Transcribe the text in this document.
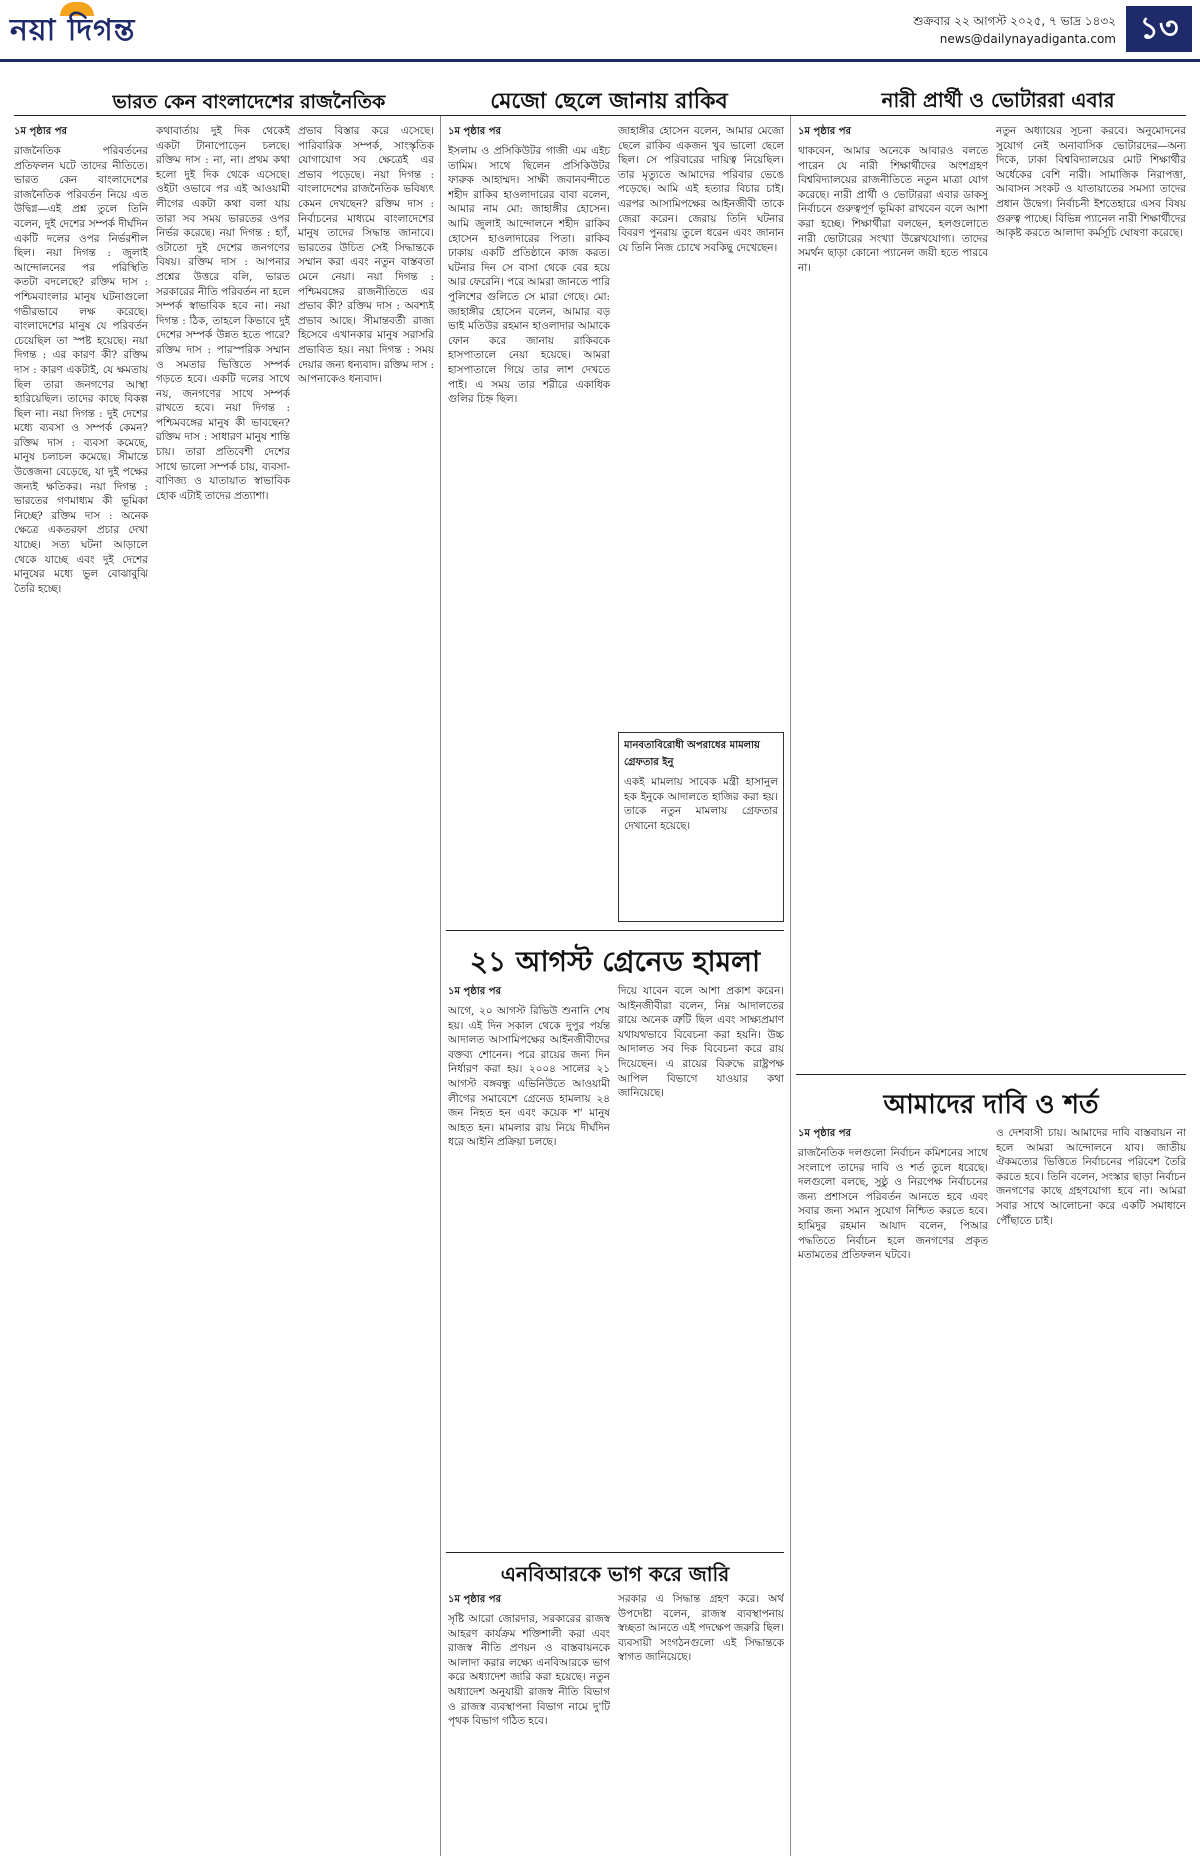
নয়া দিগন্ত	শুক্রবার ২২ আগস্ট ২০২৫, ৭ ভাদ্র ১৪৩২
news@dailynayadiganta.com ১৩
ভারত কেন বাংলাদেশের রাজনৈতিক	মেজো ছেলে জানায় রাকিব	নারী প্রার্থী ও ভোটাররা এবার
১ম পৃষ্ঠার পর

রাজনৈতিক পরিবর্তনের প্রতিফলন ঘটে তাদের নীতিতে। ভারত কেন বাংলাদেশের রাজনৈতিক পরিবর্তন নিয়ে এত উদ্বিগ্ন—এই প্রশ্ন তুলে তিনি বলেন, দুই দেশের সম্পর্ক দীর্ঘদিন একটি দলের ওপর নির্ভরশীল ছিল। নয়া দিগন্ত : জুলাই আন্দোলনের পর পরিস্থিতি কতটা বদলেছে? রক্তিম দাস : পশ্চিমবাংলার মানুষ ঘটনাগুলো গভীরভাবে লক্ষ করেছে। বাংলাদেশের মানুষ যে পরিবর্তন চেয়েছিল তা স্পষ্ট হয়েছে। নয়া দিগন্ত : এর কারণ কী? রক্তিম দাস : কারণ একটাই, যে ক্ষমতায় ছিল তারা জনগণের আস্থা হারিয়েছিল। তাদের কাছে বিকল্প ছিল না। নয়া দিগন্ত : দুই দেশের মধ্যে ব্যবসা ও সম্পর্ক কেমন? রক্তিম দাস : ব্যবসা কমেছে, মানুষ চলাচল কমেছে। সীমান্তে উত্তেজনা বেড়েছে, যা দুই পক্ষের জন্যই ক্ষতিকর। নয়া দিগন্ত : ভারতের গণমাধ্যম কী ভূমিকা নিচ্ছে? রক্তিম দাস : অনেক ক্ষেত্রে একতরফা প্রচার দেখা যাচ্ছে। সত্য ঘটনা আড়ালে থেকে যাচ্ছে এবং দুই দেশের মানুষের মধ্যে ভুল বোঝাবুঝি তৈরি হচ্ছে।

কথাবার্তায় দুই দিক থেকেই একটা টানাপোড়েন চলছে। রক্তিম দাস : না, না। প্রথম কথা হলো দুই দিক থেকে এসেছে। ওইটা ওভাবে পর এই আওয়ামী লীগের একটা কথা বলা যায় তারা সব সময় ভারতের ওপর নির্ভর করেছে। নয়া দিগন্ত : হ্যাঁ, ওটাতো দুই দেশের জনগণের বিষয়। রক্তিম দাস : আপনার প্রশ্নের উত্তরে বলি, ভারত সরকারের নীতি পরিবর্তন না হলে সম্পর্ক স্বাভাবিক হবে না। নয়া দিগন্ত : ঠিক, তাহলে কিভাবে দুই দেশের সম্পর্ক উন্নত হতে পারে? রক্তিম দাস : পারস্পরিক সম্মান ও সমতার ভিত্তিতে সম্পর্ক গড়তে হবে। একটি দলের সাথে নয়, জনগণের সাথে সম্পর্ক রাখতে হবে। নয়া দিগন্ত : পশ্চিমবঙ্গের মানুষ কী ভাবছেন? রক্তিম দাস : সাধারণ মানুষ শান্তি চায়। তারা প্রতিবেশী দেশের সাথে ভালো সম্পর্ক চায়, ব্যবসা-বাণিজ্য ও যাতায়াত স্বাভাবিক হোক এটাই তাদের প্রত্যাশা।

প্রভাব বিস্তার করে এসেছে। পারিবারিক সম্পর্ক, সাংস্কৃতিক যোগাযোগ সব ক্ষেত্রেই এর প্রভাব পড়েছে। নয়া দিগন্ত : বাংলাদেশের রাজনৈতিক ভবিষ্যৎ কেমন দেখছেন? রক্তিম দাস : নির্বাচনের মাধ্যমে বাংলাদেশের মানুষ তাদের সিদ্ধান্ত জানাবে। ভারতের উচিত সেই সিদ্ধান্তকে সম্মান করা এবং নতুন বাস্তবতা মেনে নেয়া। নয়া দিগন্ত : পশ্চিমবঙ্গের রাজনীতিতে এর প্রভাব কী? রক্তিম দাস : অবশ্যই প্রভাব আছে। সীমান্তবর্তী রাজ্য হিসেবে এখানকার মানুষ সরাসরি প্রভাবিত হয়। নয়া দিগন্ত : সময় দেয়ার জন্য ধন্যবাদ। রক্তিম দাস : আপনাকেও ধন্যবাদ।

১ম পৃষ্ঠার পর

ইসলাম ও প্রসিকিউটর গাজী এম এইচ তামিম। সাথে ছিলেন প্রসিকিউটর ফারুক আহাম্মদ। সাক্ষী জবানবন্দীতে শহীদ রাকিব হাওলাদারের বাবা বলেন, আমার নাম মো: জাহাঙ্গীর হোসেন। আমি জুলাই আন্দোলনে শহীদ রাকিব হোসেন হাওলাদারের পিতা। রাকিব ঢাকায় একটি প্রতিষ্ঠানে কাজ করত। ঘটনার দিন সে বাসা থেকে বের হয়ে আর ফেরেনি। পরে আমরা জানতে পারি পুলিশের গুলিতে সে মারা গেছে। মো: জাহাঙ্গীর হোসেন বলেন, আমার বড় ভাই মতিউর রহমান হাওলাদার আমাকে ফোন করে জানায় রাকিবকে হাসপাতালে নেয়া হয়েছে। আমরা হাসপাতালে গিয়ে তার লাশ দেখতে পাই। এ সময় তার শরীরে একাধিক গুলির চিহ্ন ছিল।

জাহাঙ্গীর হোসেন বলেন, আমার মেজো ছেলে রাকিব একজন খুব ভালো ছেলে ছিল। সে পরিবারের দায়িত্ব নিয়েছিল। তার মৃত্যুতে আমাদের পরিবার ভেঙে পড়েছে। আমি এই হত্যার বিচার চাই। এরপর আসামিপক্ষের আইনজীবী তাকে জেরা করেন। জেরায় তিনি ঘটনার বিবরণ পুনরায় তুলে ধরেন এবং জানান যে তিনি নিজ চোখে সবকিছু দেখেছেন।

মানবতাবিরোধী অপরাধের মামলায় গ্রেফতার ইনু

একই মামলায় সাবেক মন্ত্রী হাসানুল হক ইনুকে আদালতে হাজির করা হয়। তাকে নতুন মামলায় গ্রেফতার দেখানো হয়েছে।

২১ আগস্ট গ্রেনেড হামলা
১ম পৃষ্ঠার পর

আগে, ২০ আগস্ট রিভিউ শুনানি শেষ হয়। এই দিন সকাল থেকে দুপুর পর্যন্ত আদালত আসামিপক্ষের আইনজীবীদের বক্তব্য শোনেন। পরে রায়ের জন্য দিন নির্ধারণ করা হয়। ২০০৪ সালের ২১ আগস্ট বঙ্গবন্ধু এভিনিউতে আওয়ামী লীগের সমাবেশে গ্রেনেড হামলায় ২৪ জন নিহত হন এবং কয়েক শ' মানুষ আহত হন। মামলার রায় নিয়ে দীর্ঘদিন ধরে আইনি প্রক্রিয়া চলছে।

দিয়ে যাবেন বলে আশা প্রকাশ করেন। আইনজীবীরা বলেন, নিম্ন আদালতের রায়ে অনেক ত্রুটি ছিল এবং সাক্ষ্যপ্রমাণ যথাযথভাবে বিবেচনা করা হয়নি। উচ্চ আদালত সব দিক বিবেচনা করে রায় দিয়েছেন। এ রায়ের বিরুদ্ধে রাষ্ট্রপক্ষ আপিল বিভাগে যাওয়ার কথা জানিয়েছে।

এনবিআরকে ভাগ করে জারি
১ম পৃষ্ঠার পর

সৃষ্টি আরো জোরদার, সরকারের রাজস্ব আহরণ কার্যক্রম শক্তিশালী করা এবং রাজস্ব নীতি প্রণয়ন ও বাস্তবায়নকে আলাদা করার লক্ষ্যে এনবিআরকে ভাগ করে অধ্যাদেশ জারি করা হয়েছে। নতুন অধ্যাদেশ অনুযায়ী রাজস্ব নীতি বিভাগ ও রাজস্ব ব্যবস্থাপনা বিভাগ নামে দু'টি পৃথক বিভাগ গঠিত হবে।

সরকার এ সিদ্ধান্ত গ্রহণ করে। অর্থ উপদেষ্টা বলেন, রাজস্ব ব্যবস্থাপনায় স্বচ্ছতা আনতে এই পদক্ষেপ জরুরি ছিল। ব্যবসায়ী সংগঠনগুলো এই সিদ্ধান্তকে স্বাগত জানিয়েছে।

১ম পৃষ্ঠার পর

থাকবেন, আমার অনেকে আবারও বলতে পারেন যে নারী শিক্ষার্থীদের অংশগ্রহণ বিশ্ববিদ্যালয়ের রাজনীতিতে নতুন মাত্রা যোগ করেছে। নারী প্রার্থী ও ভোটাররা এবার ডাকসু নির্বাচনে গুরুত্বপূর্ণ ভূমিকা রাখবেন বলে আশা করা হচ্ছে। শিক্ষার্থীরা বলছেন, হলগুলোতে নারী ভোটারের সংখ্যা উল্লেখযোগ্য। তাদের সমর্থন ছাড়া কোনো প্যানেল জয়ী হতে পারবে না।

নতুন অধ্যায়ের সূচনা করবে। অনুমোদনের সুযোগ নেই অনাবাসিক ভোটারদের—অন্য দিকে, ঢাকা বিশ্ববিদ্যালয়ের মোট শিক্ষার্থীর অর্ধেকের বেশি নারী। সামাজিক নিরাপত্তা, আবাসন সংকট ও যাতায়াতের সমস্যা তাদের প্রধান উদ্বেগ। নির্বাচনী ইশতেহারে এসব বিষয় গুরুত্ব পাচ্ছে। বিভিন্ন প্যানেল নারী শিক্ষার্থীদের আকৃষ্ট করতে আলাদা কর্মসূচি ঘোষণা করেছে।

আমাদের দাবি ও শর্ত
১ম পৃষ্ঠার পর

রাজনৈতিক দলগুলো নির্বাচন কমিশনের সাথে সংলাপে তাদের দাবি ও শর্ত তুলে ধরেছে। দলগুলো বলছে, সুষ্ঠু ও নিরপেক্ষ নির্বাচনের জন্য প্রশাসনে পরিবর্তন আনতে হবে এবং সবার জন্য সমান সুযোগ নিশ্চিত করতে হবে। হামিদুর রহমান আযাদ বলেন, পিআর পদ্ধতিতে নির্বাচন হলে জনগণের প্রকৃত মতামতের প্রতিফলন ঘটবে।

ও দেশবাসী চায়। আমাদের দাবি বাস্তবায়ন না হলে আমরা আন্দোলনে যাব। জাতীয় ঐকমত্যের ভিত্তিতে নির্বাচনের পরিবেশ তৈরি করতে হবে। তিনি বলেন, সংস্কার ছাড়া নির্বাচন জনগণের কাছে গ্রহণযোগ্য হবে না। আমরা সবার সাথে আলোচনা করে একটি সমাধানে পৌঁছাতে চাই।
